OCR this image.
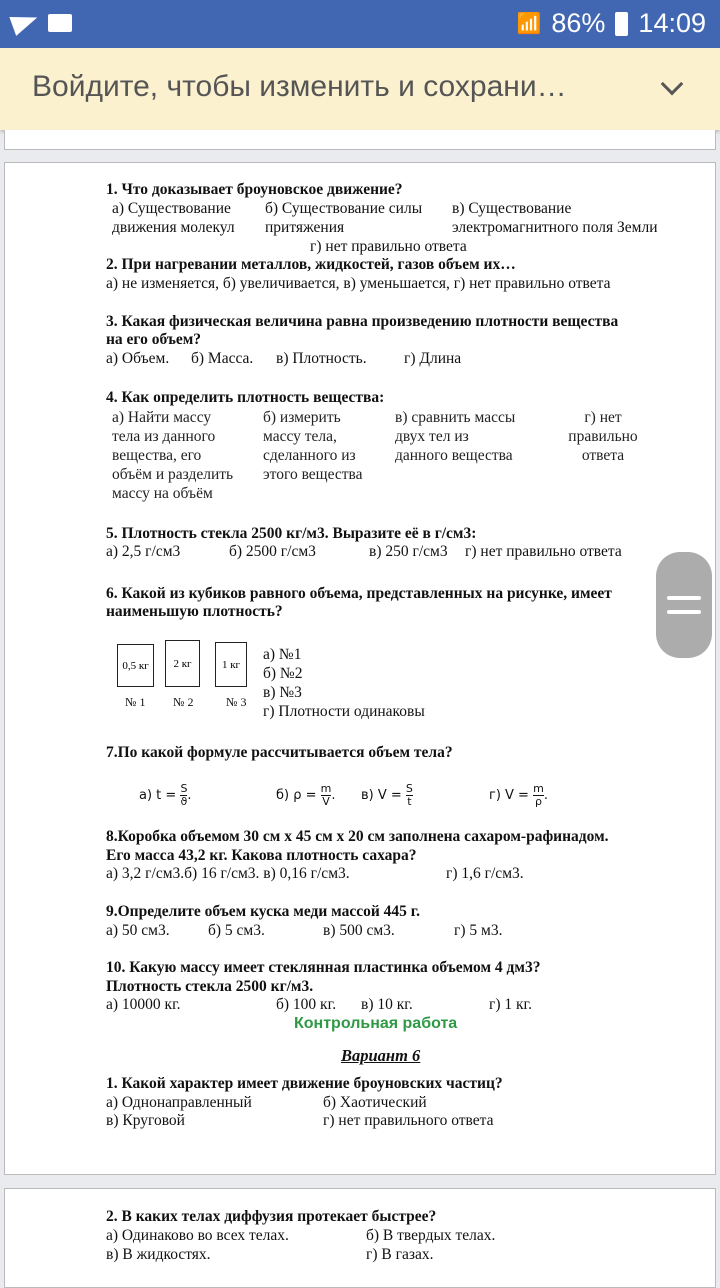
📶 86% 14:09
Войдите, чтобы изменить и сохрани…
1. Что доказывает броуновское движение?
а) Существование
движения молекул
б) Существование силы
притяжения
в) Существование
электромагнитного поля Земли
г) нет правильно ответа
2. При нагревании металлов, жидкостей, газов объем их…
а) не изменяется, б) увеличивается, в) уменьшается, г) нет правильно ответа
3. Какая физическая величина равна произведению плотности вещества
на его объем?
а) Объем. б) Масса. в) Плотность. г) Длина
4. Как определить плотность вещества:
а) Найти массу
тела из данного
вещества, его
объём и разделить
массу на объём
б) измерить
массу тела,
сделанного из
этого вещества
в) сравнить массы
двух тел из
данного вещества
г) нет
правильно
ответа
5. Плотность стекла 2500 кг/м3. Выразите её в г/см3:
а) 2,5 г/см3	б) 2500 г/см3	в) 250 г/см3 г) нет правильно ответа
6. Какой из кубиков равного объема, представленных на рисунке, имеет
наименьшую плотность?
0,5 кг	2 кг	1 кг
№ 1 № 2	№ 3
а) №1
б) №2
в) №3
г) Плотности одинаковы
7.По какой формуле рассчитывается объем тела?
а) $t = \frac{S}{ϑ}$ .	б) $\rho = \frac{m}{V}$ . в) $V = \frac{S}{t}$	г) $V = \frac{m}{\rho}$ .
8.Коробка объемом 30 см х 45 см х 20 см заполнена сахаром-рафинадом.
Его масса 43,2 кг. Какова плотность сахара?
а) 3,2 г/см3.б) 16 г/см3. в) 0,16 г/см3.	г) 1,6 г/см3.
9.Определите объем куска меди массой 445 г.
а) 50 см3. б) 5 см3.	в) 500 см3.	г) 5 м3.
10. Какую массу имеет стеклянная пластинка объемом 4 дм3?
Плотность стекла 2500 кг/м3.
а) 10000 кг.	б) 100 кг. в) 10 кг.	г) 1 кг.
Контрольная работа
Вариант 6
1. Какой характер имеет движение броуновских частиц?
а) Однонаправленный	б) Хаотический
в) Круговой	г) нет правильного ответа
2. В каких телах диффузия протекает быстрее?
а) Одинаково во всех телах.	б) В твердых телах.
в) В жидкостях.	г) В газах.
